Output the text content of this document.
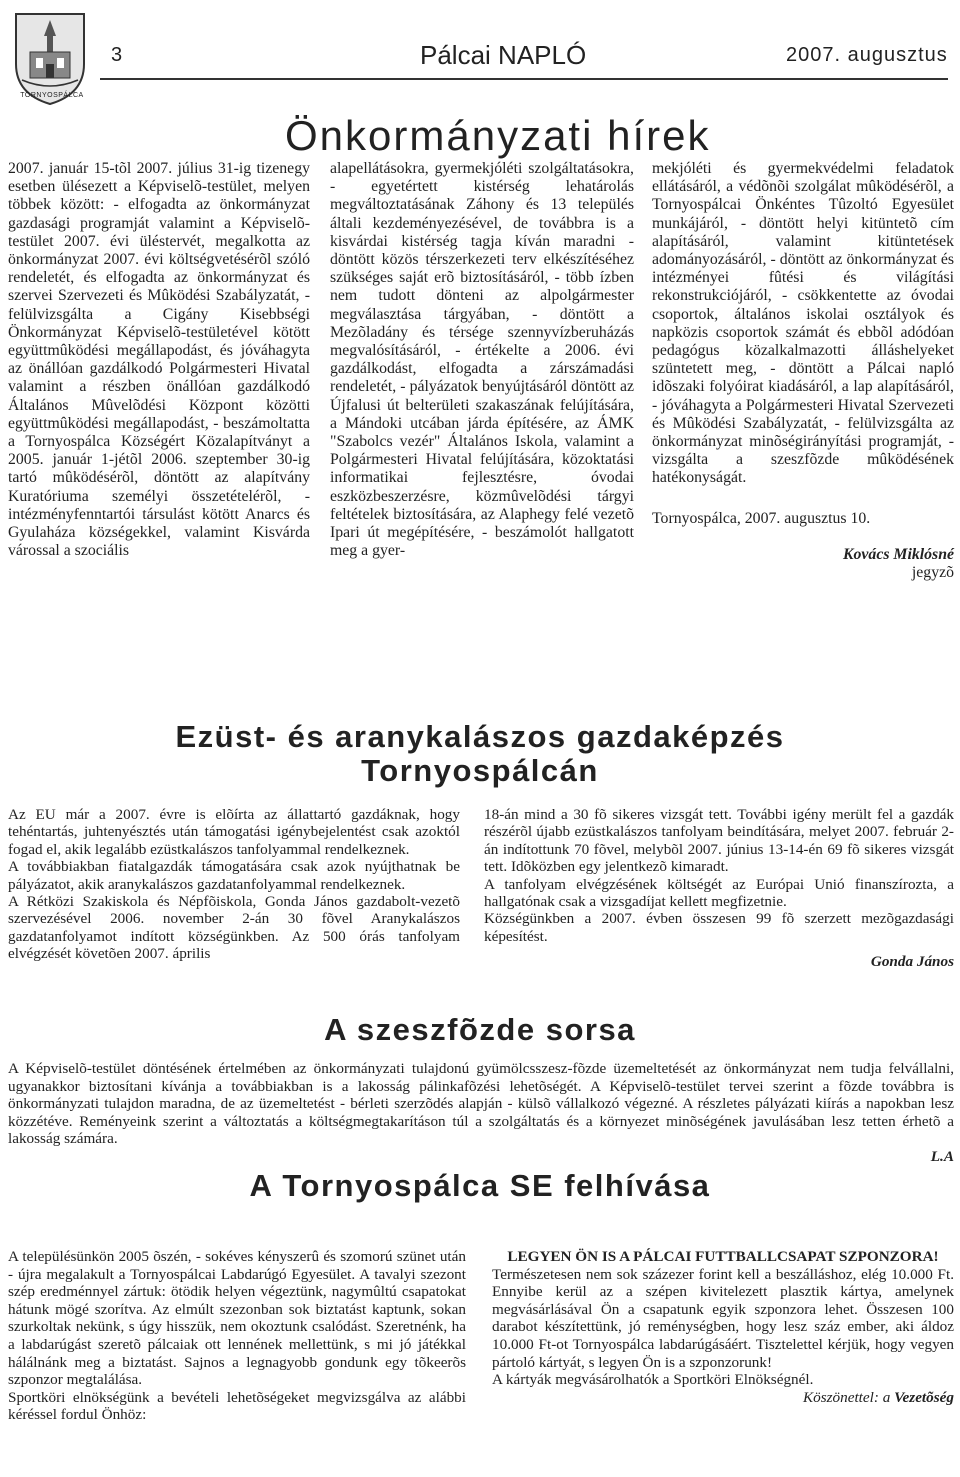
TORNYOSPÁLCA
3	Pálcai NAPLÓ	2007. augusztus
Önkormányzati hírek

2007. január 15-tõl 2007. július 31-ig tizenegy esetben ülésezett a Képviselõ-testület, melyen többek között: - elfogadta az önkormányzat gazdasági programját valamint a Képviselõ-testület 2007. évi üléstervét, megalkotta az önkormányzat 2007. évi költségvetésérõl szóló rendeletét, és elfogadta az önkormányzat és szervei Szervezeti és Mûködési Szabályzatát, - felülvizsgálta a Cigány Kisebbségi Önkormányzat Képviselõ-testületével kötött együttmûködési megállapodást, és jóváhagyta az önállóan gazdálkodó Polgármesteri Hivatal valamint a részben önállóan gazdálkodó Általános Mûvelõdési Központ közötti együttmûködési megállapodást, - beszámoltatta a Tornyospálca Községért Közalapítványt a 2005. január 1-jétõl 2006. szeptember 30-ig tartó mûködésérõl, döntött az alapítvány Kuratóriuma személyi összetételérõl, - intézményfenntartói társulást kötött Anarcs és Gyulaháza községekkel, valamint Kisvárda várossal a szociális

alapellátásokra, gyermekjóléti szolgáltatásokra, - egyetértett kistérség lehatárolás megváltoztatásának Záhony és 13 település általi kezdeményezésével, de továbbra is a kisvárdai kistérség tagja kíván maradni - döntött közös térszerkezeti terv elkészítéséhez szükséges saját erõ biztosításáról, - több ízben nem tudott dönteni az alpolgármester megválasztása tárgyában, - döntött a Mezõladány és térsége szennyvízberuházás megvalósításáról, - értékelte a 2006. évi gazdálkodást, elfogadta a zárszámadási rendeletét, - pályázatok benyújtásáról döntött az Újfalusi út belterületi szakaszának felújítására, a Mándoki utcában járda építésére, az ÁMK "Szabolcs vezér" Általános Iskola, valamint a Polgármesteri Hivatal felújítására, közoktatási informatikai fejlesztésre, óvodai eszközbeszerzésre, közmûvelõdési tárgyi feltételek biztosítására, az Alaphegy felé vezetõ Ipari út megépítésére, - beszámolót hallgatott meg a gyer-

mekjóléti és gyermekvédelmi feladatok ellátásáról, a védõnõi szolgálat mûködésérõl, a Tornyospálcai Önkéntes Tûzoltó Egyesület munkájáról, - döntött helyi kitüntetõ cím alapításáról, valamint kitüntetések adományozásáról, - döntött az önkormányzat és intézményei fûtési és világítási rekonstrukciójáról, - csökkentette az óvodai csoportok, általános iskolai osztályok és napközis csoportok számát és ebbõl adódóan pedagógus közalkalmazotti álláshelyeket szüntetett meg, - döntött a Pálcai napló idõszaki folyóirat kiadásáról, a lap alapításáról, - jóváhagyta a Polgármesteri Hivatal Szervezeti és Mûködési Szabályzatát, - felülvizsgálta az önkormányzat minõségirányítási programját, - vizsgálta a szeszfõzde mûködésének hatékonyságát.

Tornyospálca, 2007. augusztus 10.

Kovács Miklósné

jegyzõ

Ezüst- és aranykalászos gazdaképzés
Tornyospálcán

Az EU már a 2007. évre is elõírta az állattartó gazdáknak, hogy tehéntartás, juhtenyésztés után támogatási igénybejelentést csak azoktól fogad el, akik legalább ezüstkalászos tanfolyammal rendelkeznek.

A továbbiakban fiatalgazdák támogatására csak azok nyújthatnak be pályázatot, akik aranykalászos gazdatanfolyammal rendelkeznek.

A Rétközi Szakiskola és Népfõiskola, Gonda János gazdabolt-vezetõ szervezésével 2006. november 2-án 30 fõvel Aranykalászos gazdatanfolyamot indított községünkben. Az 500 órás tanfolyam elvégzését követõen 2007. április

18-án mind a 30 fõ sikeres vizsgát tett. További igény merült fel a gazdák részérõl újabb ezüstkalászos tanfolyam beindítására, melyet 2007. február 2-án indítottunk 70 fõvel, melybõl 2007. június 13-14-én 69 fõ sikeres vizsgát tett. Idõközben egy jelentkezõ kimaradt.

A tanfolyam elvégzésének költségét az Európai Unió finanszírozta, a hallgatónak csak a vizsgadíjat kellett megfizetnie.

Községünkben a 2007. évben összesen 99 fõ szerzett mezõgazdasági képesítést.

Gonda János

A szeszfõzde sorsa

A Képviselõ-testület döntésének értelmében az önkormányzati tulajdonú gyümölcsszesz-fõzde üzemeltetését az önkormányzat nem tudja felvállalni, ugyanakkor biztosítani kívánja a továbbiakban is a lakosság pálinkafõzési lehetõségét. A Képviselõ-testület tervei szerint a fõzde továbbra is önkormányzati tulajdon maradna, de az üzemeltetést - bérleti szerzõdés alapján - külsõ vállalkozó végezné. A részletes pályázati kiírás a napokban lesz közzétéve. Reményeink szerint a változtatás a költségmegtakarításon túl a szolgáltatás és a környezet minõségének javulásában lesz tetten érhetõ a lakosság számára.

L.A

A Tornyospálca SE felhívása

A településünkön 2005 õszén, - sokéves kényszerû és szomorú szünet után - újra megalakult a Tornyospálcai Labdarúgó Egyesület. A tavalyi szezont szép eredménnyel zártuk: ötödik helyen végeztünk, nagymûltú csapatokat hátunk mögé szorítva. Az elmúlt szezonban sok biztatást kaptunk, sokan szurkoltak nekünk, s úgy hisszük, nem okoztunk csalódást. Szeretnénk, ha a labdarúgást szeretõ pálcaiak ott lennének mellettünk, s mi jó játékkal hálálnánk meg a biztatást. Sajnos a legnagyobb gondunk egy tõkeerõs szponzor megtalálása.

Sportköri elnökségünk a bevételi lehetõségeket megvizsgálva az alábbi kéréssel fordul Önhöz:

LEGYEN ÖN IS A PÁLCAI FUTTBALLCSAPAT SZPONZORA!

Természetesen nem sok százezer forint kell a beszálláshoz, elég 10.000 Ft. Ennyibe kerül az a szépen kivitelezett plasztik kártya, amelynek megvásárlásával Ön a csapatunk egyik szponzora lehet. Összesen 100 darabot készítettünk, jó reménységben, hogy lesz száz ember, aki áldoz 10.000 Ft-ot Tornyospálca labdarúgásáért. Tisztelettel kérjük, hogy vegyen pártoló kártyát, s legyen Ön is a szponzorunk!

A kártyák megvásárolhatók a Sportköri Elnökségnél.

Köszönettel: a Vezetõség
